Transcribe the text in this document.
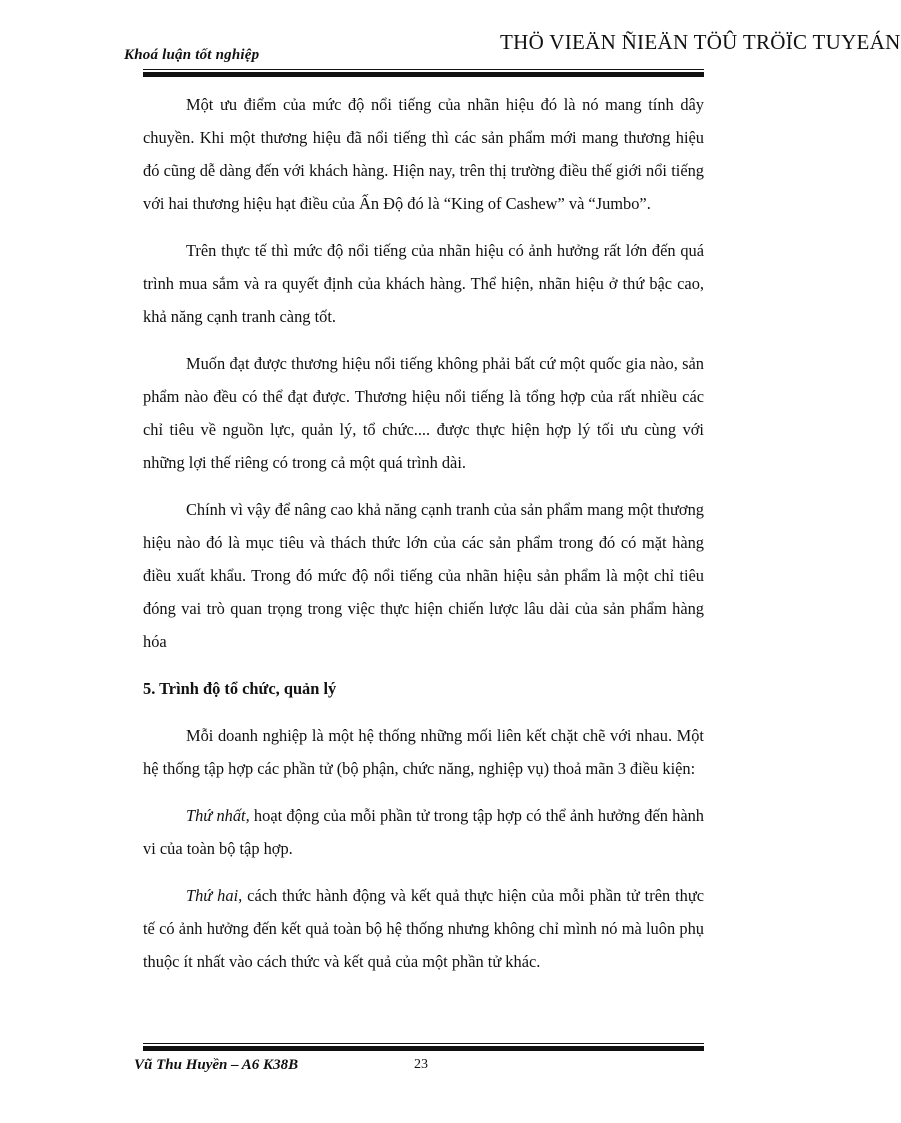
Khoá luận tốt nghiệp
THÖ VIEÄN ÑIEÄN TÖÛ TRÖÏC TUYEÁN

Một ưu điểm của mức độ nổi tiếng của nhãn hiệu đó là nó mang tính dây chuyền. Khi một thương hiệu đã nổi tiếng thì các sản phẩm mới mang thương hiệu đó cũng dễ dàng đến với khách hàng. Hiện nay, trên thị trường điều thế giới nổi tiếng với hai thương hiệu hạt điều của Ấn Độ đó là “King of Cashew” và “Jumbo”.

Trên thực tế thì mức độ nổi tiếng của nhãn hiệu có ảnh hưởng rất lớn đến quá trình mua sắm và ra quyết định của khách hàng. Thể hiện, nhãn hiệu ở thứ bậc cao, khả năng cạnh tranh càng tốt.

Muốn đạt được thương hiệu nổi tiếng không phải bất cứ một quốc gia nào, sản phẩm nào đều có thể đạt được. Thương hiệu nổi tiếng là tổng hợp của rất nhiều các chỉ tiêu về nguồn lực, quản lý, tổ chức.... được thực hiện hợp lý tối ưu cùng với những lợi thế riêng có trong cả một quá trình dài.

Chính vì vậy để nâng cao khả năng cạnh tranh của sản phẩm mang một thương hiệu nào đó là mục tiêu và thách thức lớn của các sản phẩm trong đó có mặt hàng điều xuất khẩu. Trong đó mức độ nổi tiếng của nhãn hiệu sản phẩm là một chỉ tiêu đóng vai trò quan trọng trong việc thực hiện chiến lược lâu dài của sản phẩm hàng hóa

5. Trình độ tổ chức, quản lý

Mỗi doanh nghiệp là một hệ thống những mối liên kết chặt chẽ với nhau. Một hệ thống tập hợp các phần tử (bộ phận, chức năng, nghiệp vụ) thoả mãn 3 điều kiện:

Thứ nhất, hoạt động của mỗi phần tử trong tập hợp có thể ảnh hưởng đến hành vi của toàn bộ tập hợp.

Thứ hai, cách thức hành động và kết quả thực hiện của mỗi phần tử trên thực tế có ảnh hưởng đến kết quả toàn bộ hệ thống nhưng không chỉ mình nó mà luôn phụ thuộc ít nhất vào cách thức và kết quả của một phần tử khác.

Vũ Thu Huyền – A6 K38B	23
